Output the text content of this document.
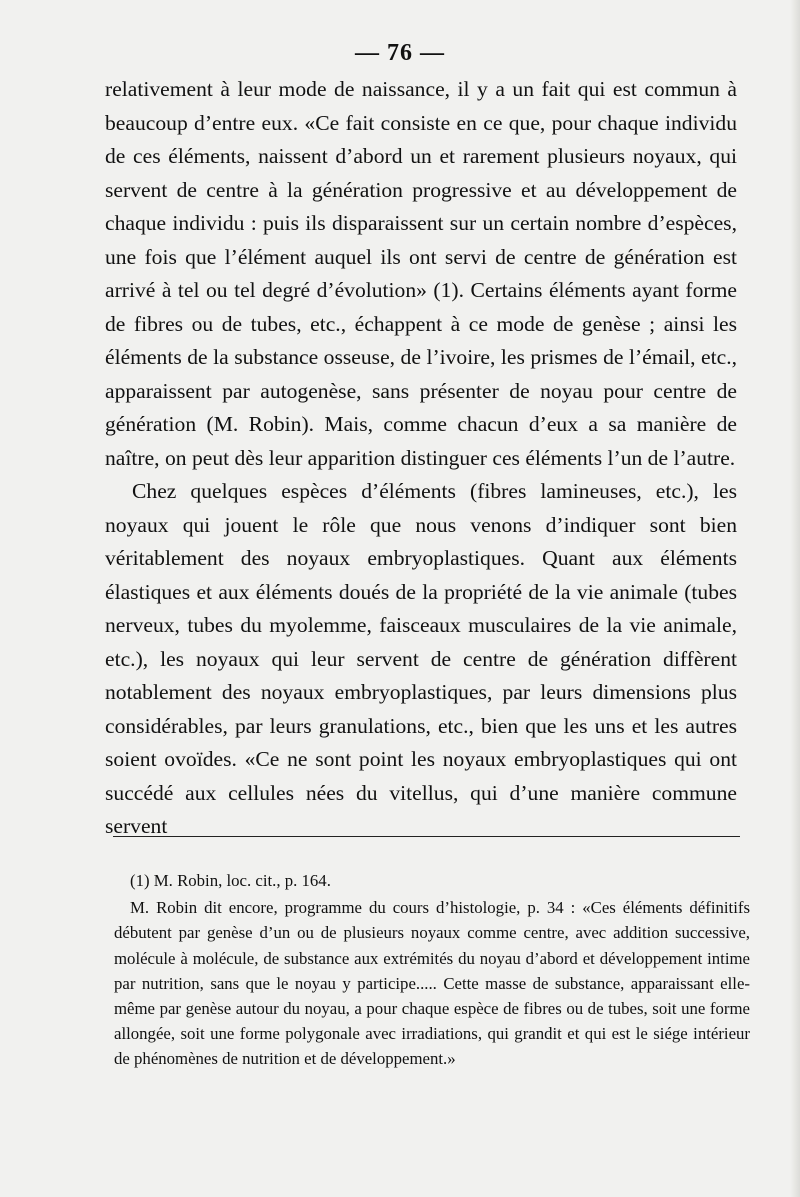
— 76 —

relativement à leur mode de naissance, il y a un fait qui est commun à beaucoup d’entre eux. «Ce fait consiste en ce que, pour chaque individu de ces éléments, naissent d’abord un et rarement plusieurs noyaux, qui servent de centre à la génération progressive et au développement de chaque individu : puis ils disparaissent sur un certain nombre d’espèces, une fois que l’élément auquel ils ont servi de centre de génération est arrivé à tel ou tel degré d’évolution» (1). Certains éléments ayant forme de fibres ou de tubes, etc., échappent à ce mode de genèse ; ainsi les éléments de la substance osseuse, de l’ivoire, les prismes de l’émail, etc., apparaissent par autogenèse, sans présenter de noyau pour centre de génération (M. Robin). Mais, comme chacun d’eux a sa manière de naître, on peut dès leur apparition distinguer ces éléments l’un de l’autre.

Chez quelques espèces d’éléments (fibres lamineuses, etc.), les noyaux qui jouent le rôle que nous venons d’indiquer sont bien véritablement des noyaux embryoplastiques. Quant aux éléments élastiques et aux éléments doués de la propriété de la vie animale (tubes nerveux, tubes du myolemme, faisceaux musculaires de la vie animale, etc.), les noyaux qui leur servent de centre de génération diffèrent notablement des noyaux embryoplastiques, par leurs dimensions plus considérables, par leurs granulations, etc., bien que les uns et les autres soient ovoïdes. «Ce ne sont point les noyaux embryoplastiques qui ont succédé aux cellules nées du vitellus, qui d’une manière commune servent

(1) M. Robin, loc. cit., p. 164.

M. Robin dit encore, programme du cours d’histologie, p. 34 : «Ces éléments définitifs débutent par genèse d’un ou de plusieurs noyaux comme centre, avec addition successive, molécule à molécule, de substance aux extrémités du noyau d’abord et développement intime par nutrition, sans que le noyau y participe..... Cette masse de substance, apparaissant elle-même par genèse autour du noyau, a pour chaque espèce de fibres ou de tubes, soit une forme allongée, soit une forme polygonale avec irradiations, qui grandit et qui est le siége intérieur de phénomènes de nutrition et de développement.»
